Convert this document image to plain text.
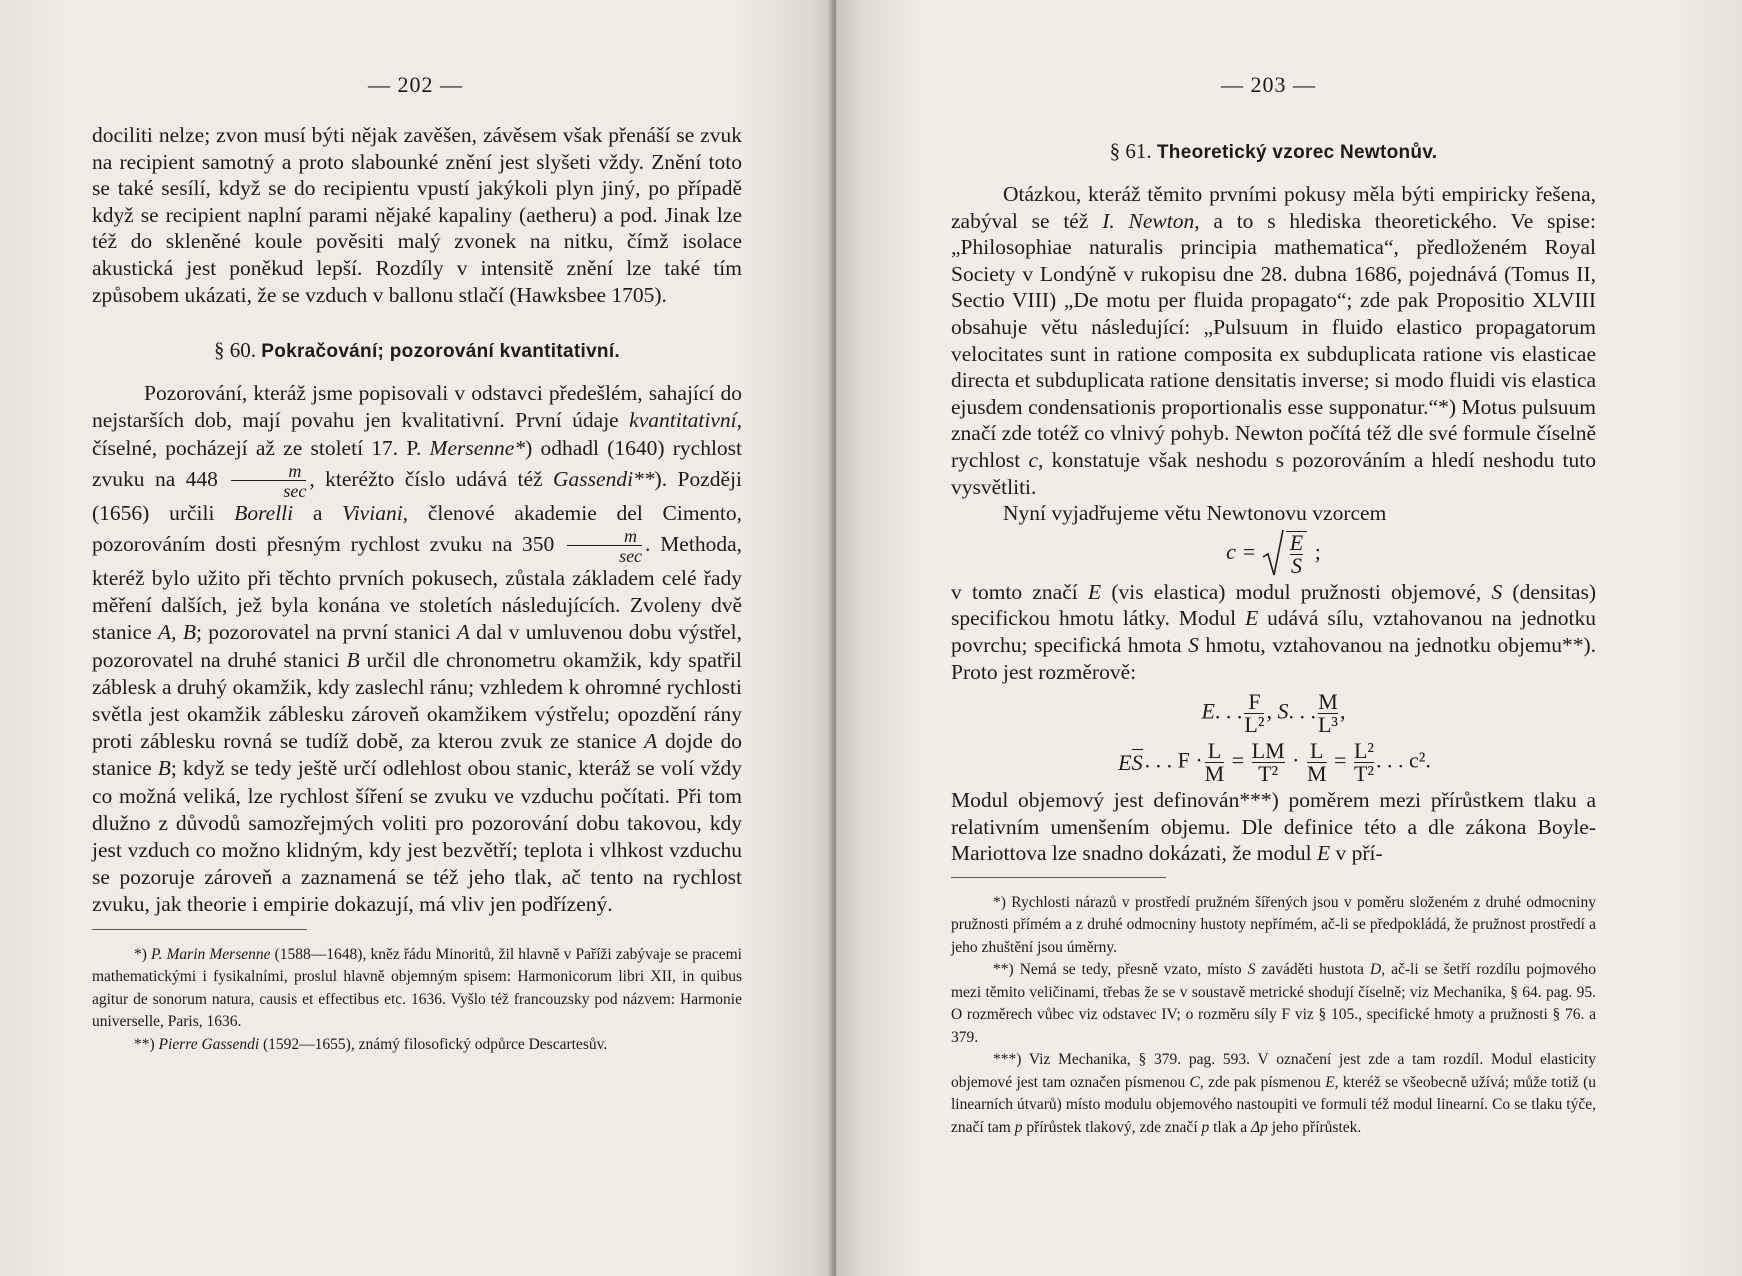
— 202 —

dociliti nelze; zvon musí býti nějak zavěšen, závěsem však přenáší se zvuk na recipient samotný a proto slabounké znění jest slyšeti vždy. Znění toto se také sesílí, když se do recipientu vpustí jakýkoli plyn jiný, po případě když se recipient naplní parami nějaké kapaliny (aetheru) a pod. Jinak lze též do skleněné koule pověsiti malý zvonek na nitku, čímž isolace akustická jest poněkud lepší. Rozdíly v intensitě znění lze také tím způsobem ukázati, že se vzduch v ballonu stlačí (Hawksbee 1705).

§ 60. Pokračování; pozorování kvantitativní.

Pozorování, kteráž jsme popisovali v odstavci předešlém, sahající do nejstarších dob, mají povahu jen kvalitativní. První údaje kvantitativní, číselné, pocházejí až ze století 17. P. Mersenne*) odhadl (1640) rychlost zvuku na $448 \frac{m}{\sec}$ , kteréžto číslo udává též Gassendi**). Později (1656) určili Borelli a Viviani, členové akademie del Cimento, pozorováním dosti přesným rychlost zvuku na $350 \frac{m}{\sec}$ . Methoda, kteréž bylo užito při těchto prvních pokusech, zůstala základem celé řady měření dalších, jež byla konána ve stoletích následujících. Zvoleny dvě stanice A, B; pozorovatel na první stanici A dal v umluvenou dobu výstřel, pozorovatel na druhé stanici B určil dle chronometru okamžik, kdy spatřil záblesk a druhý okamžik, kdy zaslechl ránu; vzhledem k ohromné rychlosti světla jest okamžik záblesku zároveň okamžikem výstřelu; opozdění rány proti záblesku rovná se tudíž době, za kterou zvuk ze stanice A dojde do stanice B; když se tedy ještě určí odlehlost obou stanic, kteráž se volí vždy co možná veliká, lze rychlost šíření se zvuku ve vzduchu počítati. Při tom dlužno z důvodů samozřejmých voliti pro pozorování dobu takovou, kdy jest vzduch co možno klidným, kdy jest bezvětří; teplota i vlhkost vzduchu se pozoruje zároveň a zaznamená se též jeho tlak, ač tento na rychlost zvuku, jak theorie i empirie dokazují, má vliv jen podřízený.

*) P. Marin Mersenne (1588—1648), kněz řádu Minoritů, žil hlavně v Paříži zabývaje se pracemi mathematickými i fysikalními, proslul hlavně objemným spisem: Harmonicorum libri XII, in quibus agitur de sonorum natura, causis et effectibus etc. 1636. Vyšlo též francouzsky pod názvem: Harmonie universelle, Paris, 1636.

**) Pierre Gassendi (1592—1655), známý filosofický odpůrce Descartesův.

— 203 —

§ 61. Theoretický vzorec Newtonův.

Otázkou, kteráž těmito prvními pokusy měla býti empiricky řešena, zabýval se též I. Newton, a to s hlediska theoretického. Ve spise: „Philosophiae naturalis principia mathematica“, předloženém Royal Society v Londýně v rukopisu dne 28. dubna 1686, pojednává (Tomus II, Sectio VIII) „De motu per fluida propagato“; zde pak Propositio XLVIII obsahuje větu následující: „Pulsuum in fluido elastico propagatorum velocitates sunt in ratione composita ex subduplicata ratione vis elasticae directa et subduplicata ratione densitatis inverse; si modo fluidi vis elastica ejusdem condensationis proportionalis esse supponatur.“*) Motus pulsuum značí zde totéž co vlnivý pohyb. Newton počítá též dle své formule číselně rychlost c, konstatuje však neshodu s pozorováním a hledí neshodu tuto vysvětliti.

Nyní vyjadřujeme větu Newtonovu vzorcem

$c = \frac{E}{S}$ ;

v tomto značí E (vis elastica) modul pružnosti objemové, S (densitas) specifickou hmotu látky. Modul E udává sílu, vztahovanou na jednotku povrchu; specifická hmota S hmotu, vztahovanou na jednotku objemu**). Proto jest rozměrově:

E. . . $\frac{F}{\text{L²}}$ , S. . . $\frac{M}{\text{L³}}$ ,

ES. . . $F \cdot \frac{L}{M} = \frac{LM}{\text{T²}} \cdot \frac{L}{M} = \frac{\text{L²}}{\text{T²}}$ . . . c².

Modul objemový jest definován***) poměrem mezi přírůstkem tlaku a relativním umenšením objemu. Dle definice této a dle zákona Boyle-Mariottova lze snadno dokázati, že modul E v pří-

*) Rychlosti nárazů v prostředí pružném šířených jsou v poměru složeném z druhé odmocniny pružnosti přímém a z druhé odmocniny hustoty nepřímém, ač-li se předpokládá, že pružnost prostředí a jeho zhuštění jsou úměrny.

**) Nemá se tedy, přesně vzato, místo S zaváděti hustota D, ač-li se šetří rozdílu pojmového mezi těmito veličinami, třebas že se v soustavě metrické shodují číselně; viz Mechanika, § 64. pag. 95. O rozměrech vůbec viz odstavec IV; o rozměru síly F viz § 105., specifické hmoty a pružnosti § 76. a 379.

***) Viz Mechanika, § 379. pag. 593. V označení jest zde a tam rozdíl. Modul elasticity objemové jest tam označen písmenou C, zde pak písmenou E, kteréž se všeobecně užívá; může totiž (u linearních útvarů) místo modulu objemového nastoupiti ve formuli též modul linearní. Co se tlaku týče, značí tam p přírůstek tlakový, zde značí p tlak a Δp jeho přírůstek.
